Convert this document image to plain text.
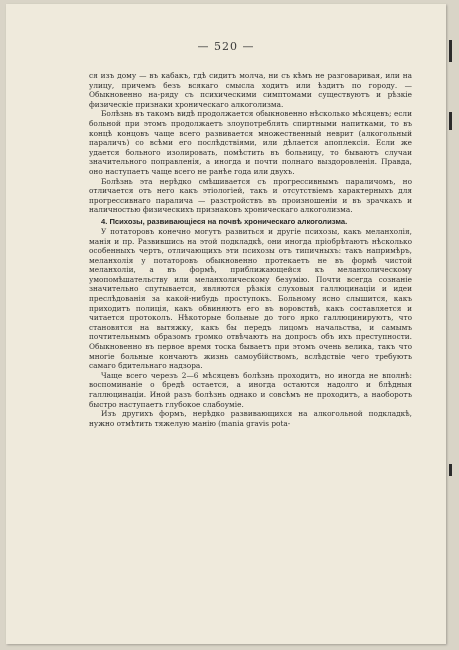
— 520 —

ся изъ дому — въ кабакъ, гдѣ сидитъ молча, ни съ кѣмъ не разговаривая, или на улицу, причемъ безъ всякаго смысла ходитъ или ѣздитъ по городу. — Обыкновенно на-ряду съ психическими симптомами существуютъ и рѣзкіе физическіе признаки хроническаго алкоголизма.

Болѣзнь въ такомъ видѣ продолжается обыкновенно нѣсколько мѣсяцевъ; если больной при этомъ продолжаетъ злоупотреблять спиртными напитками, то въ концѣ концовъ чаще всего развивается множественный неврит (алкогольный параличъ) со всѣми его послѣдствіями, или дѣлается апоплексія. Если же удается больного изолировать, помѣстить въ больницу, то бываютъ случаи значительного поправленія, а иногда и почти полнаго выздоровленія. Правда, оно наступаетъ чаще всего не ранѣе года или двухъ.

Болѣзнь эта нерѣдко смѣшивается съ прогрессивнымъ параличомъ, но отличается отъ него какъ этіологіей, такъ и отсутствіемъ характерныхъ для прогрессивнаго паралича — разстройствъ въ произношеніи и въ зрачкахъ и наличностью физическихъ признаковъ хроническаго алкоголизма.

4. Психозы, развивающіеся на почвѣ хроническаго алкоголизма.

У потаторовъ конечно могутъ развиться и другіе психозы, какъ меланхолія, манія и пр. Развившись на этой подкладкѣ, они иногда пріобрѣтаютъ нѣсколько особенныхъ чертъ, отличающихъ эти психозы отъ типичныхъ: такъ напримѣръ, меланхолія у потаторовъ обыкновенно протекаетъ не въ формѣ чистой меланхоліи, а въ формѣ, приближающейся къ меланхолическому умопомѣшательству или меланхолическому безумію. Почти всегда сознаніе значительно спутывается, являются рѣзкія слуховыя галлюцинаціи и идеи преслѣдованія за какой-нибудь проступокъ. Больному ясно слышится, какъ приходитъ полиція, какъ обвиняютъ его въ воровствѣ, какъ составляется и читается протоколъ. Нѣкоторые больные до того ярко галлюцинируютъ, что становятся на вытяжку, какъ бы передъ лицомъ начальства, и самымъ почтительнымъ образомъ громко отвѣчаютъ на допросъ объ ихъ преступности. Обыкновенно въ первое время тоска бываетъ при этомъ очень велика, такъ что многіе больные кончаютъ жизнь самоубійствомъ, вслѣдствіе чего требуютъ самаго бдительнаго надзора.

Чаще всего черезъ 2—6 мѣсяцевъ болѣзнь проходитъ, но иногда не вполнѣ: воспоминаніе о бредѣ остается, а иногда остаются надолго и блѣдныя галлюцинаціи. Иной разъ болѣзнь однако и совсѣмъ не проходитъ, а наоборотъ быстро наступаетъ глубокое слабоуміе.

Изъ другихъ формъ, нерѣдко развивающихся на алкогольной подкладкѣ, нужно отмѣтить тяжелую манію (mania gravis pota-
